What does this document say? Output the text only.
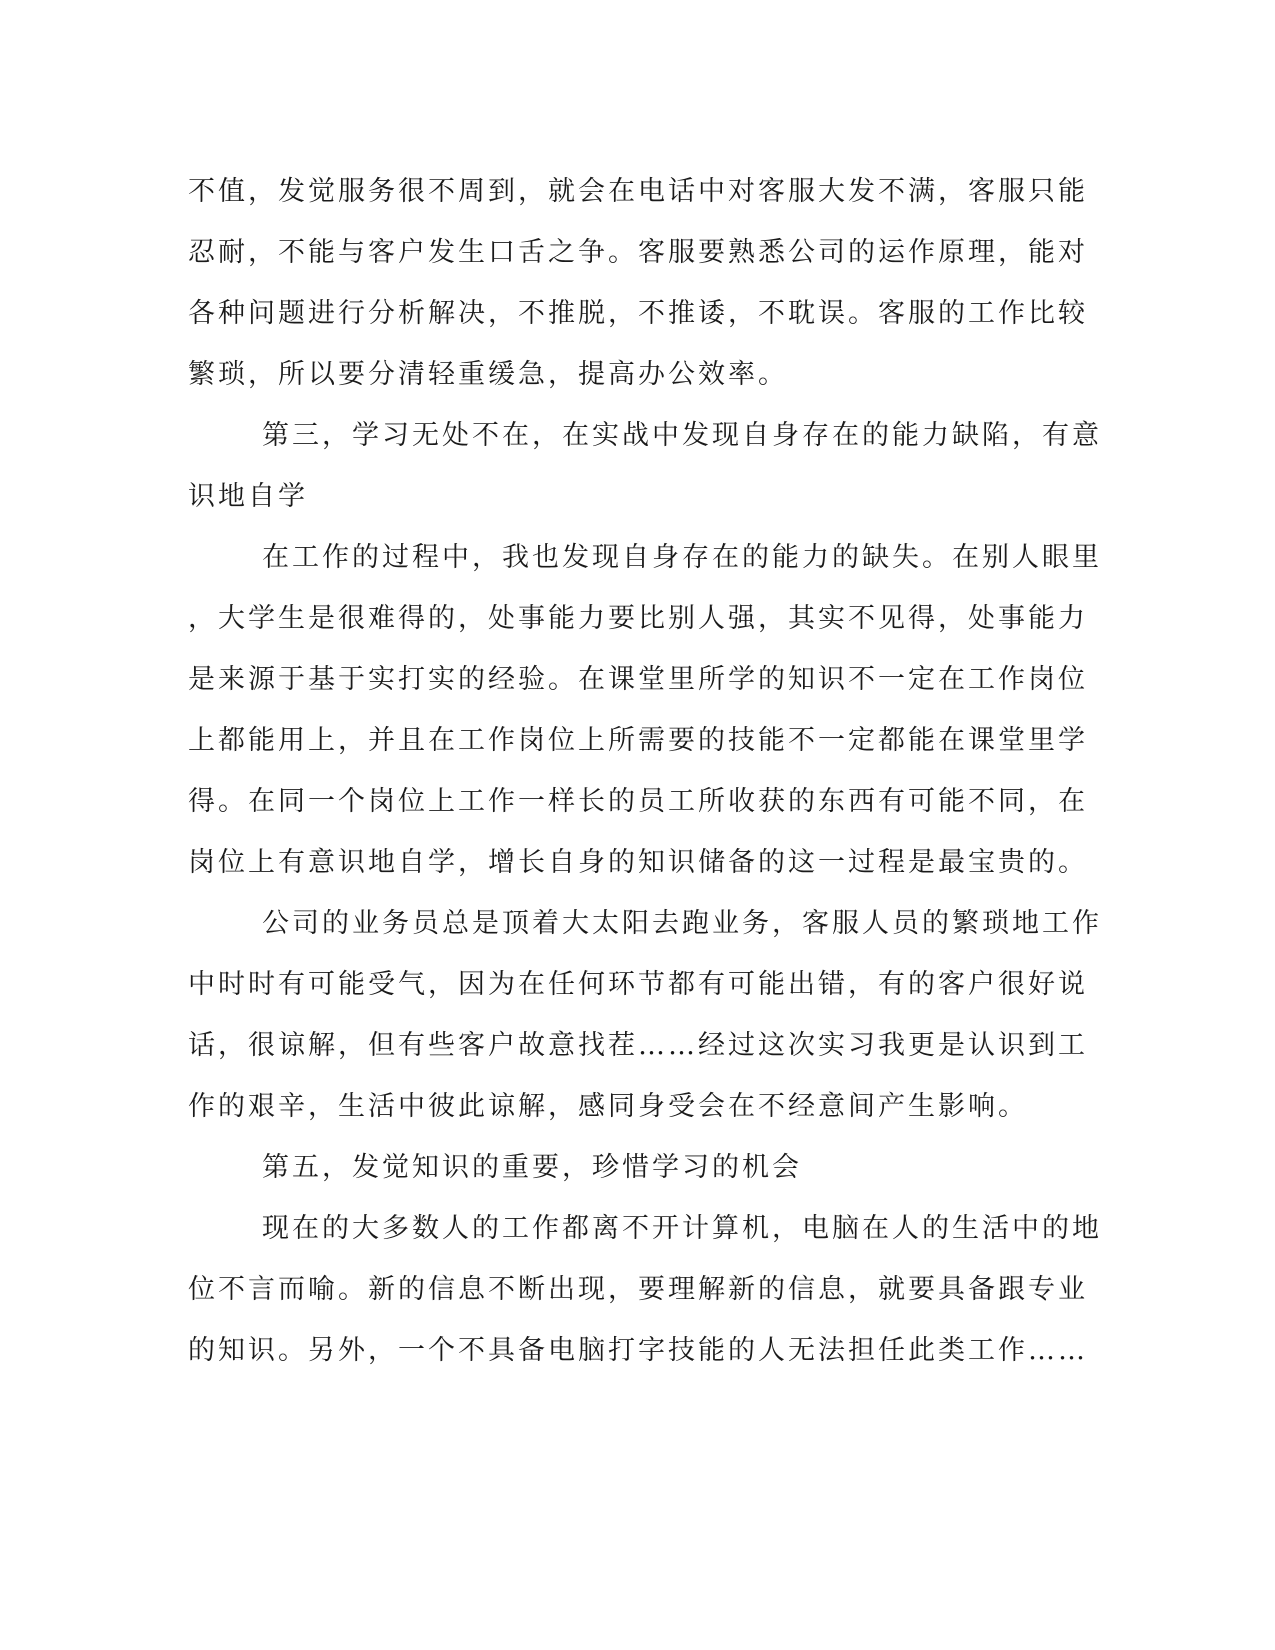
不值，发觉服务很不周到，就会在电话中对客服大发不满，客服只能
忍耐，不能与客户发生口舌之争。客服要熟悉公司的运作原理，能对
各种问题进行分析解决，不推脱，不推诿，不耽误。客服的工作比较
繁琐，所以要分清轻重缓急，提高办公效率。
第三，学习无处不在，在实战中发现自身存在的能力缺陷，有意
识地自学
在工作的过程中，我也发现自身存在的能力的缺失。在别人眼里
，大学生是很难得的，处事能力要比别人强，其实不见得，处事能力
是来源于基于实打实的经验。在课堂里所学的知识不一定在工作岗位
上都能用上，并且在工作岗位上所需要的技能不一定都能在课堂里学
得。在同一个岗位上工作一样长的员工所收获的东西有可能不同，在
岗位上有意识地自学，增长自身的知识储备的这一过程是最宝贵的。
公司的业务员总是顶着大太阳去跑业务，客服人员的繁琐地工作
中时时有可能受气，因为在任何环节都有可能出错，有的客户很好说
话，很谅解，但有些客户故意找茬……经过这次实习我更是认识到工
作的艰辛，生活中彼此谅解，感同身受会在不经意间产生影响。
第五，发觉知识的重要，珍惜学习的机会
现在的大多数人的工作都离不开计算机，电脑在人的生活中的地
位不言而喻。新的信息不断出现，要理解新的信息，就要具备跟专业
的知识。另外，一个不具备电脑打字技能的人无法担任此类工作……
